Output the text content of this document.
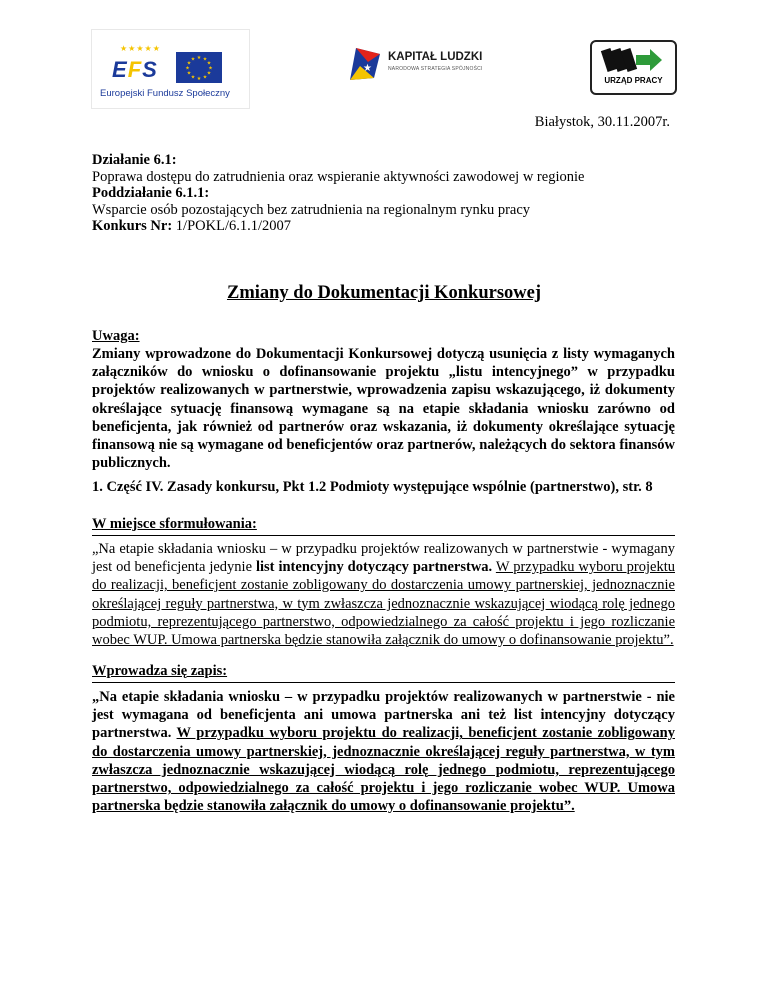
★★★★★
EFS	★ ★
★
★
★
★
★
★
★
★
★
★
Europejski Fundusz Społeczny
★
KAPITAŁ LUDZKI
NARODOWA STRATEGIA SPÓJNOŚCI
URZĄD PRACY
Białystok, 30.11.2007r.

Działanie 6.1:

Poprawa dostępu do zatrudnienia oraz wspieranie aktywności zawodowej w regionie

Poddziałanie 6.1.1:

Wsparcie osób pozostających bez zatrudnienia na regionalnym rynku pracy

Konkurs Nr: 1/POKL/6.1.1/2007

Zmiany do Dokumentacji Konkursowej
Uwaga:

Zmiany wprowadzone do Dokumentacji Konkursowej dotyczą usunięcia z listy wymaganych załączników do wniosku o dofinansowanie projektu „listu intencyjnego” w przypadku projektów realizowanych w partnerstwie, wprowadzenia zapisu wskazującego, iż dokumenty określające sytuację finansową wymagane są na etapie składania wniosku zarówno od beneficjenta, jak również od partnerów oraz wskazania, iż dokumenty określające sytuację finansową nie są wymagane od beneficjentów oraz partnerów, należących do sektora finansów publicznych.

1. Część IV. Zasady konkursu, Pkt 1.2 Podmioty występujące wspólnie (partnerstwo), str. 8

W miejsce sformułowania:

„Na etapie składania wniosku – w przypadku projektów realizowanych w partnerstwie - wymagany jest od beneficjenta jedynie list intencyjny dotyczący partnerstwa. W przypadku wyboru projektu do realizacji, beneficjent zostanie zobligowany do dostarczenia umowy partnerskiej, jednoznacznie określającej reguły partnerstwa, w tym zwłaszcza jednoznacznie wskazującej wiodącą rolę jednego podmiotu, reprezentującego partnerstwo, odpowiedzialnego za całość projektu i jego rozliczanie wobec WUP. Umowa partnerska będzie stanowiła załącznik do umowy o dofinansowanie projektu”.

Wprowadza się zapis:

„Na etapie składania wniosku – w przypadku projektów realizowanych w partnerstwie - nie jest wymagana od beneficjenta ani umowa partnerska ani też list intencyjny dotyczący partnerstwa. W przypadku wyboru projektu do realizacji, beneficjent zostanie zobligowany do dostarczenia umowy partnerskiej, jednoznacznie określającej reguły partnerstwa, w tym zwłaszcza jednoznacznie wskazującej wiodącą rolę jednego podmiotu, reprezentującego partnerstwo, odpowiedzialnego za całość projektu i jego rozliczanie wobec WUP. Umowa partnerska będzie stanowiła załącznik do umowy o dofinansowanie projektu”.
